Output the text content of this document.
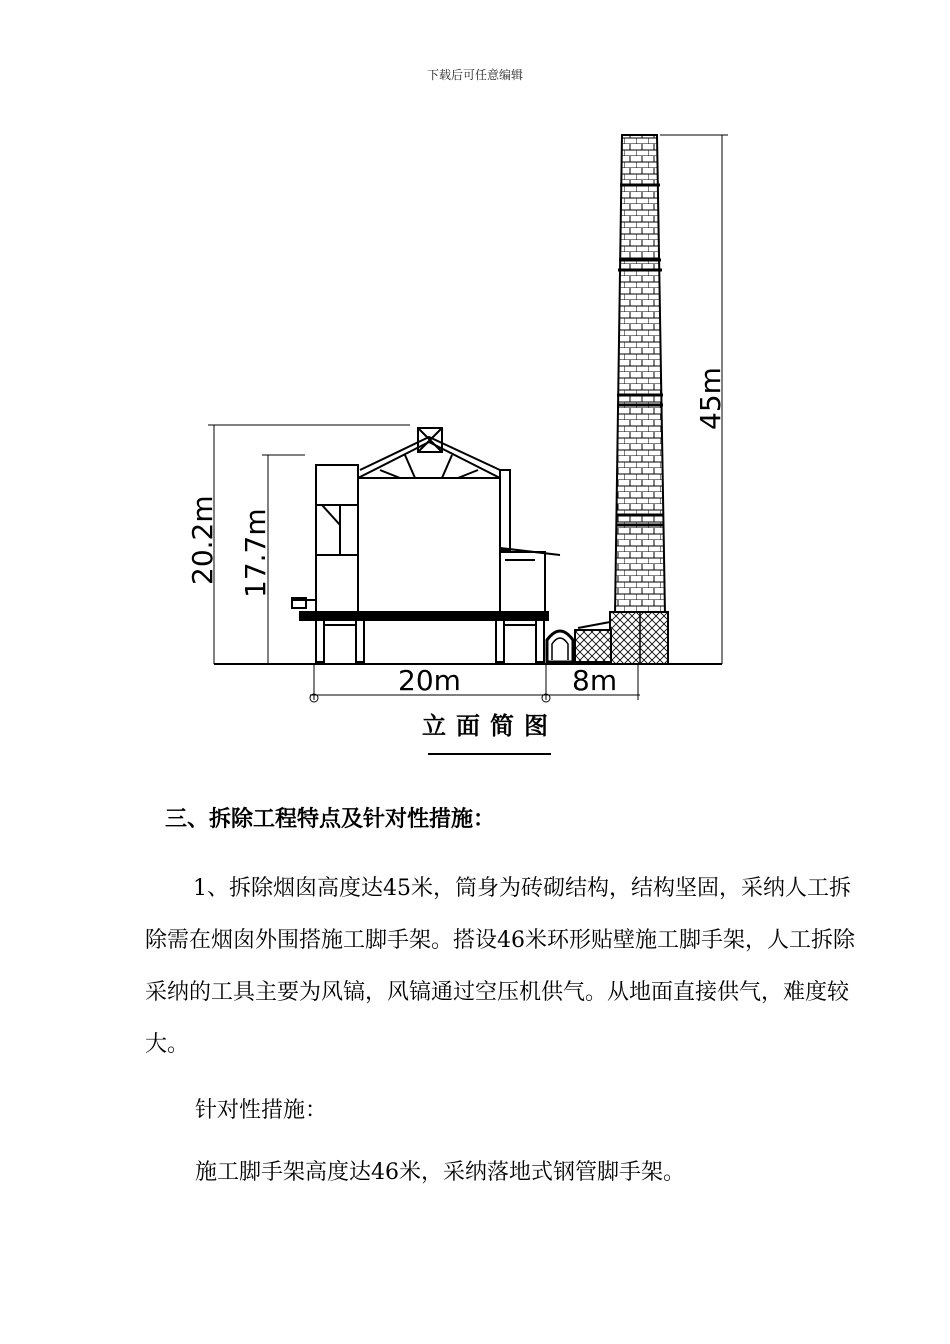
下载后可任意编辑
20.2m 17.7m
45m
20m	8m
立面简图
三、拆除工程特点及针对性措施：
1、拆除烟囱高度达45米，筒身为砖砌结构，结构坚固，采纳人工拆除需在烟囱外围搭施工脚手架。搭设46米环形贴壁施工脚手架，人工拆除采纳的工具主要为风镐，风镐通过空压机供气。从地面直接供气，难度较大。
针对性措施：
施工脚手架高度达46米，采纳落地式钢管脚手架。
